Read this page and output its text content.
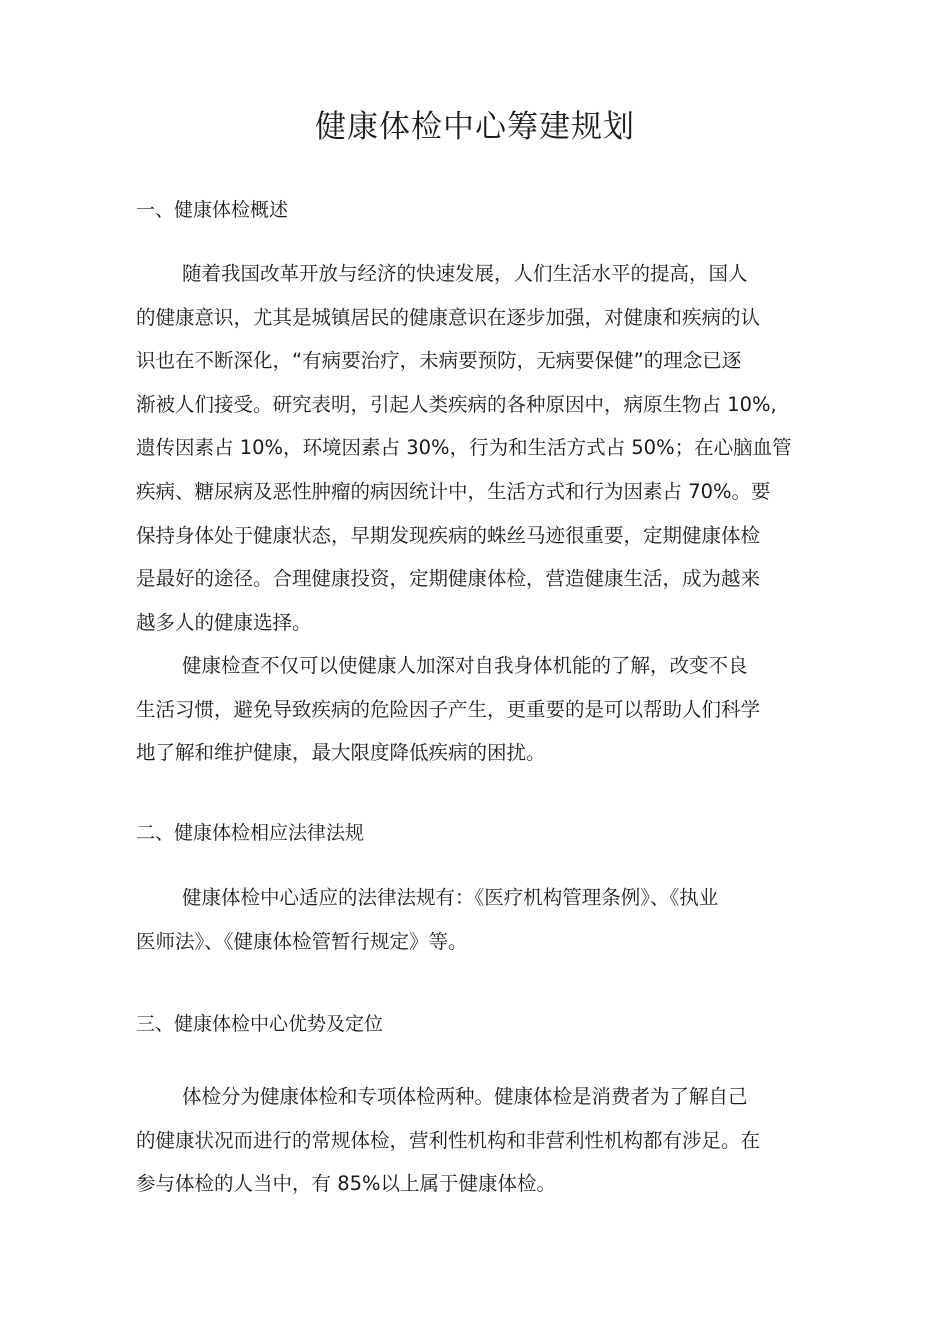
健康体检中心筹建规划
一、健康体检概述

随着我国改革开放与经济的快速发展，人们生活水平的提高，国人
的健康意识，尤其是城镇居民的健康意识在逐步加强，对健康和疾病的认
识也在不断深化，“有病要治疗，未病要预防，无病要保健”的理念已逐
渐被人们接受。研究表明，引起人类疾病的各种原因中，病原生物占 10%,
遗传因素占 10%，环境因素占 30%，行为和生活方式占 50%；在心脑血管
疾病、糖尿病及恶性肿瘤的病因统计中，生活方式和行为因素占 70%。要
保持身体处于健康状态，早期发现疾病的蛛丝马迹很重要，定期健康体检
是最好的途径。合理健康投资，定期健康体检，营造健康生活，成为越来
越多人的健康选择。

健康检查不仅可以使健康人加深对自我身体机能的了解，改变不良
生活习惯，避免导致疾病的危险因子产生，更重要的是可以帮助人们科学
地了解和维护健康，最大限度降低疾病的困扰。

二、健康体检相应法律法规

健康体检中心适应的法律法规有：《医疗机构管理条例》、《执业
医师法》、《健康体检管暂行规定》等。

三、健康体检中心优势及定位

体检分为健康体检和专项体检两种。健康体检是消费者为了解自己
的健康状况而进行的常规体检，营利性机构和非营利性机构都有涉足。在
参与体检的人当中，有 85%以上属于健康体检。
